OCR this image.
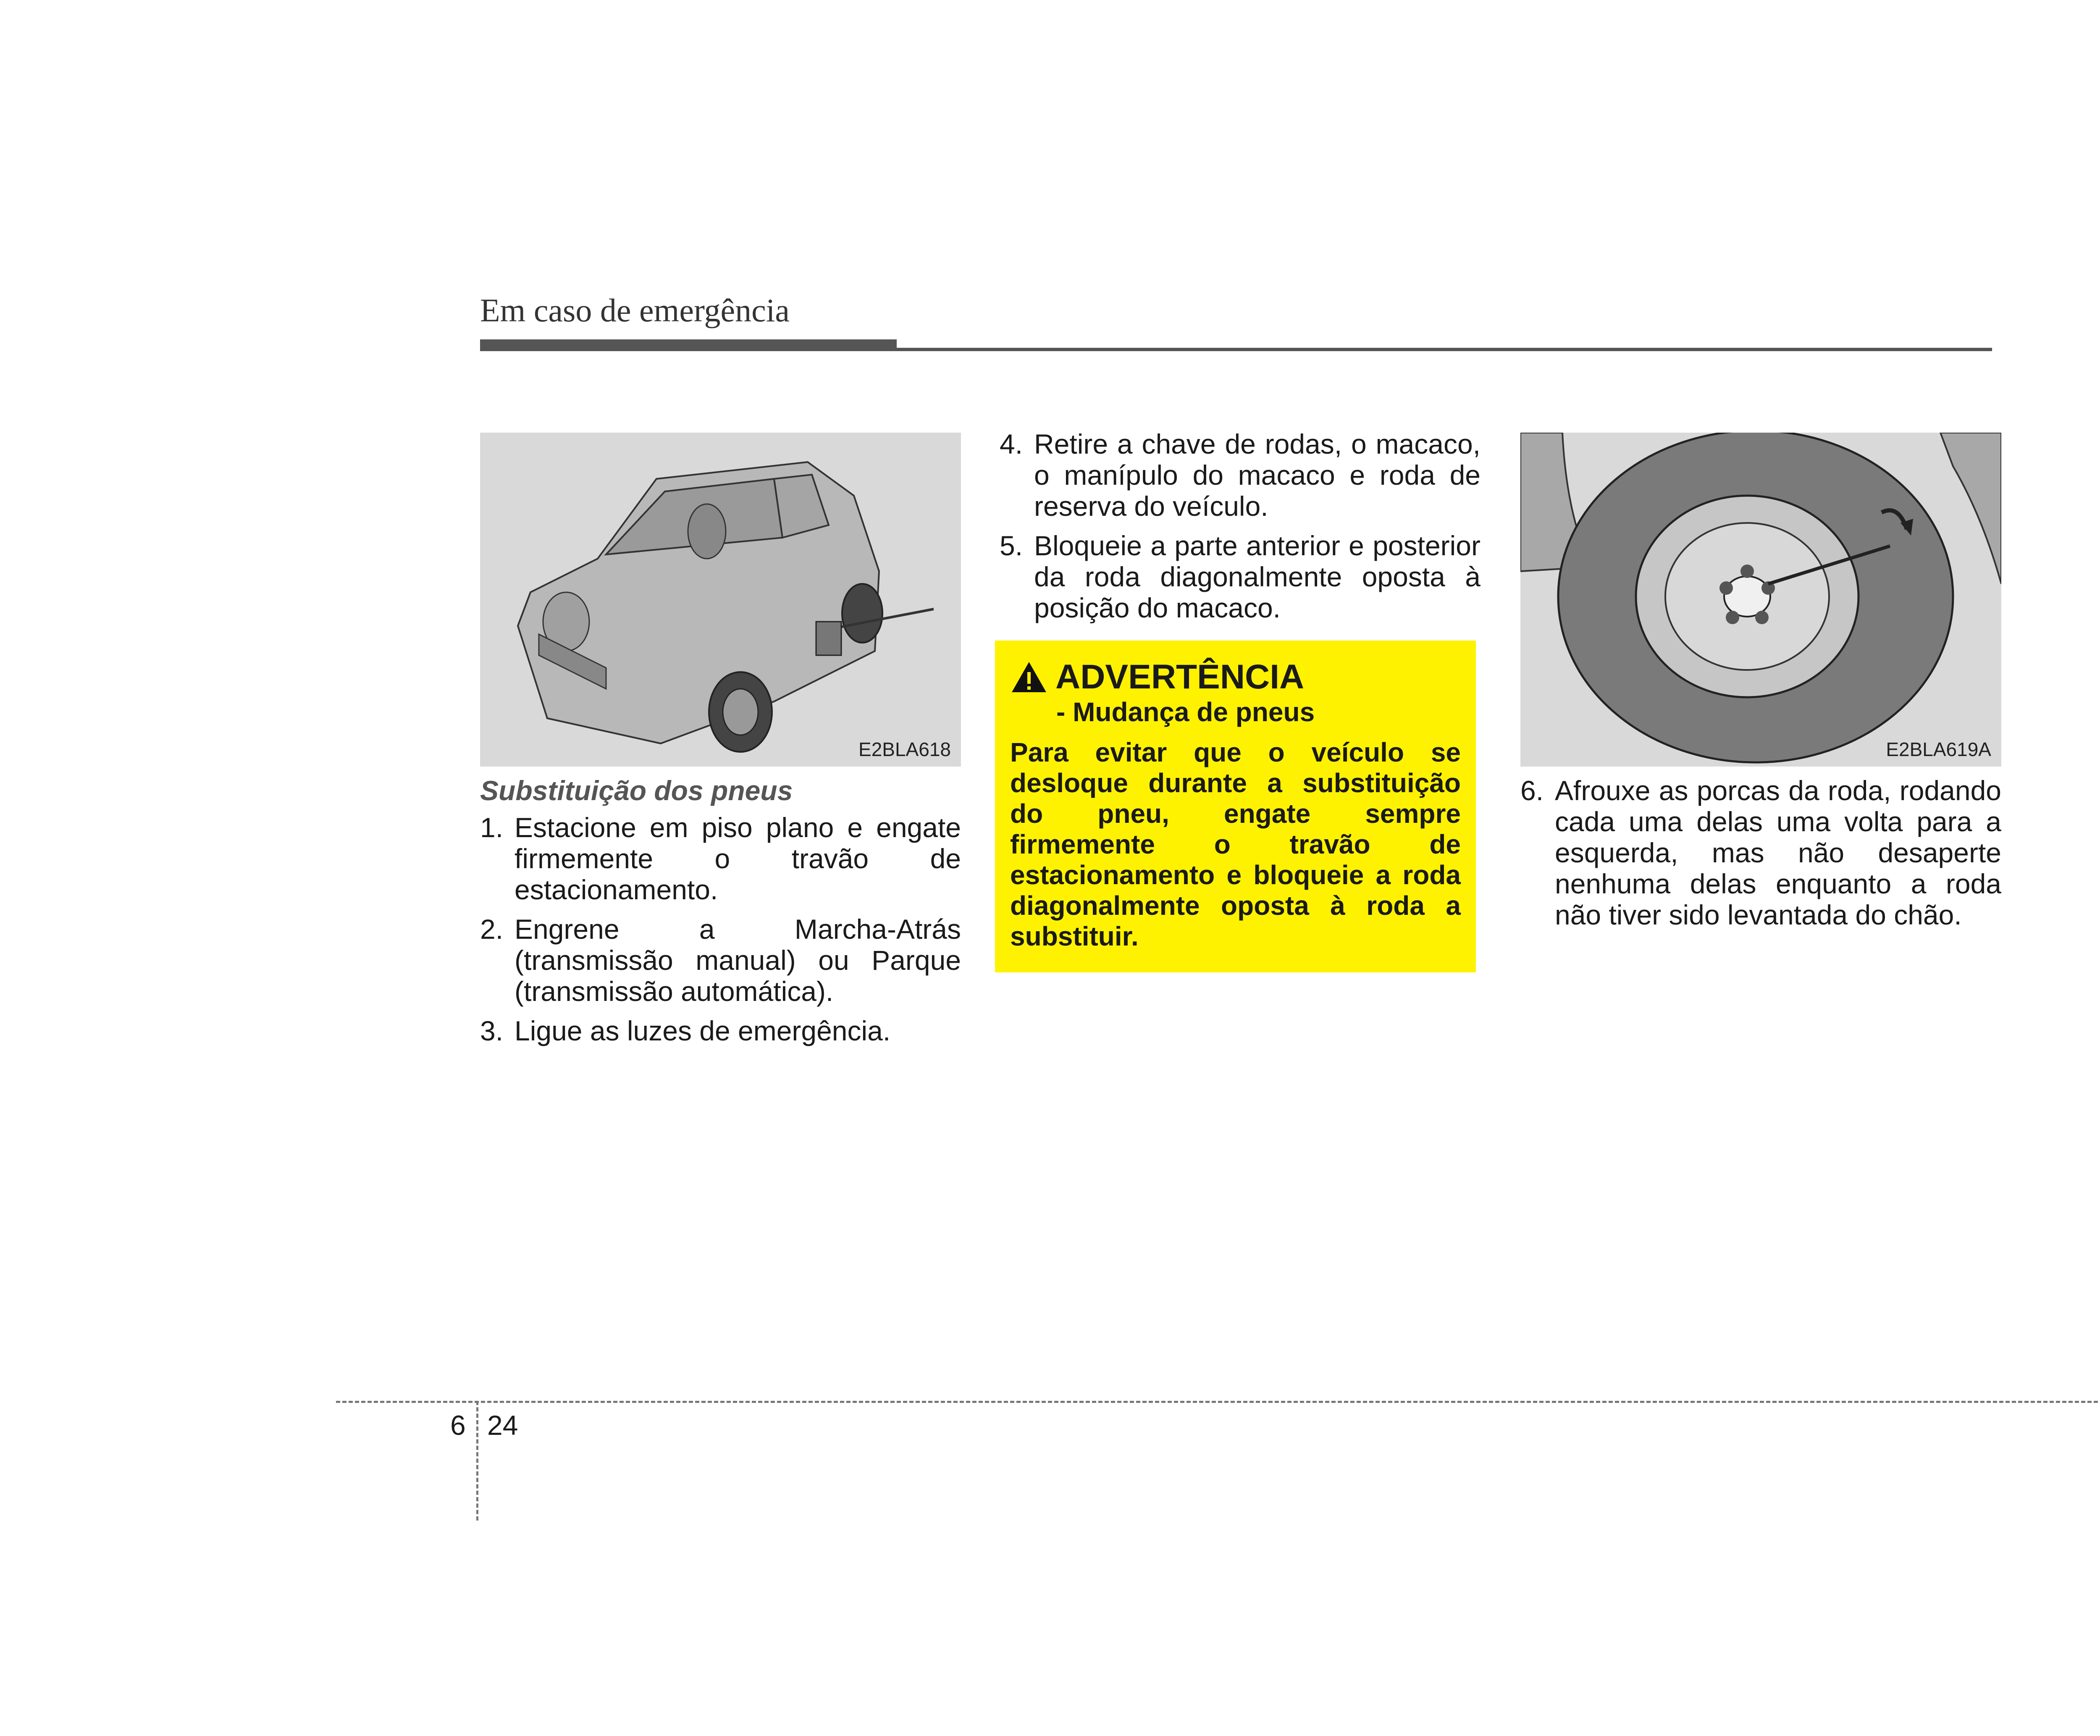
Em caso de emergência
E2BLA618
Substituição dos pneus
1. Estacione em piso plano e engate firmemente o travão de estacionamento.
2. Engrene a Marcha-Atrás (transmissão manual) ou Parque (transmissão automática).
3. Ligue as luzes de emergência.
4. Retire a chave de rodas, o macaco, o manípulo do macaco e roda de reserva do veículo.
5. Bloqueie a parte anterior e posterior da roda diagonalmente oposta à posição do macaco.
ADVERTÊNCIA
- Mudança de pneus
Para evitar que o veículo se desloque durante a substituição do pneu, engate sempre firmemente o travão de estacionamento e bloqueie a roda diagonalmente oposta à roda a substituir.
E2BLA619A
6. Afrouxe as porcas da roda, rodando cada uma delas uma volta para a esquerda, mas não desaperte nenhuma delas enquanto a roda não tiver sido levantada do chão.
6 24
